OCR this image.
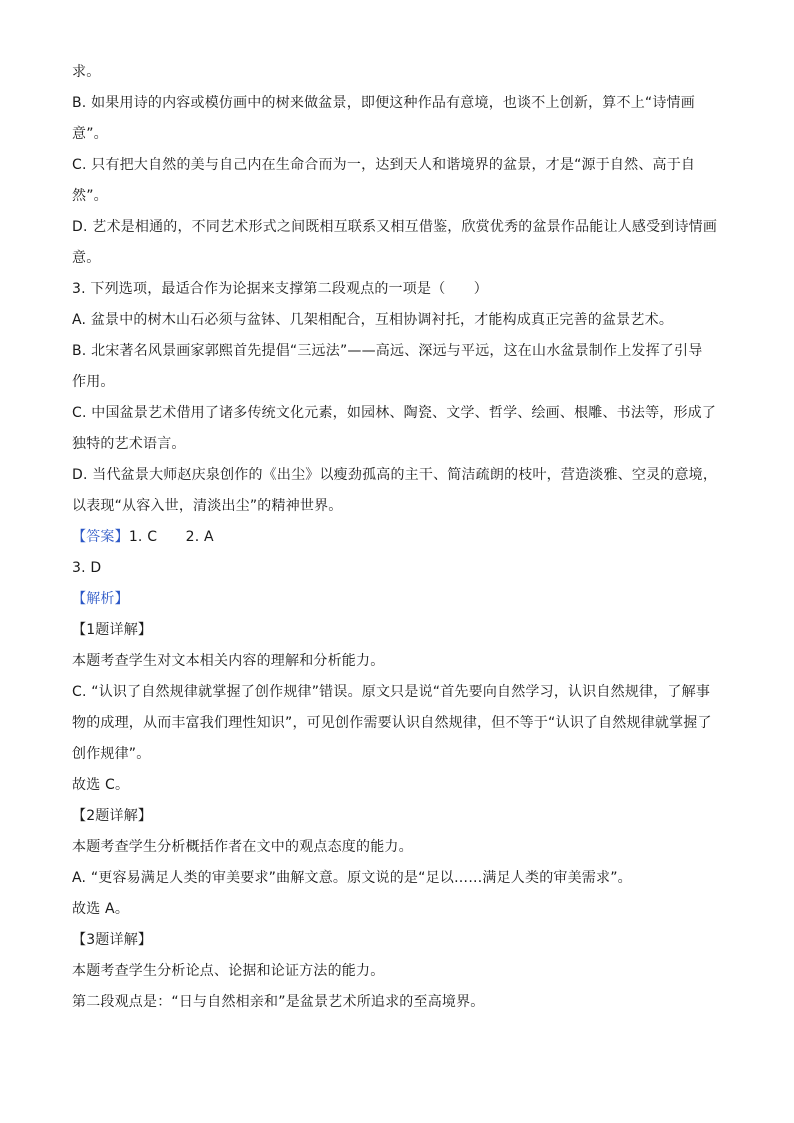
求。
B. 如果用诗的内容或模仿画中的树来做盆景，即便这种作品有意境，也谈不上创新，算不上“诗情画
意”。
C. 只有把大自然的美与自己内在生命合而为一，达到天人和谐境界的盆景，才是“源于自然、高于自
然”。
D. 艺术是相通的，不同艺术形式之间既相互联系又相互借鉴，欣赏优秀的盆景作品能让人感受到诗情画
意。
3. 下列选项，最适合作为论据来支撑第二段观点的一项是（　　）
A. 盆景中的树木山石必须与盆钵、几架相配合，互相协调衬托，才能构成真正完善的盆景艺术。
B. 北宋著名风景画家郭熙首先提倡“三远法”——高远、深远与平远，这在山水盆景制作上发挥了引导
作用。
C. 中国盆景艺术借用了诸多传统文化元素，如园林、陶瓷、文学、哲学、绘画、根雕、书法等，形成了
独特的艺术语言。
D. 当代盆景大师赵庆泉创作的《出尘》以瘦劲孤高的主干、简洁疏朗的枝叶，营造淡雅、空灵的意境，
以表现“从容入世，清淡出尘”的精神世界。
【答案】1. C　　2. A
3. D
【解析】
【1题详解】
本题考查学生对文本相关内容的理解和分析能力。
C. “认识了自然规律就掌握了创作规律”错误。原文只是说“首先要向自然学习，认识自然规律，了解事
物的成理，从而丰富我们理性知识”，可见创作需要认识自然规律，但不等于“认识了自然规律就掌握了
创作规律”。
故选 C。
【2题详解】
本题考查学生分析概括作者在文中的观点态度的能力。
A. “更容易满足人类的审美要求”曲解文意。原文说的是“足以……满足人类的审美需求”。
故选 A。
【3题详解】
本题考查学生分析论点、论据和论证方法的能力。
第二段观点是：“日与自然相亲和”是盆景艺术所追求的至高境界。
